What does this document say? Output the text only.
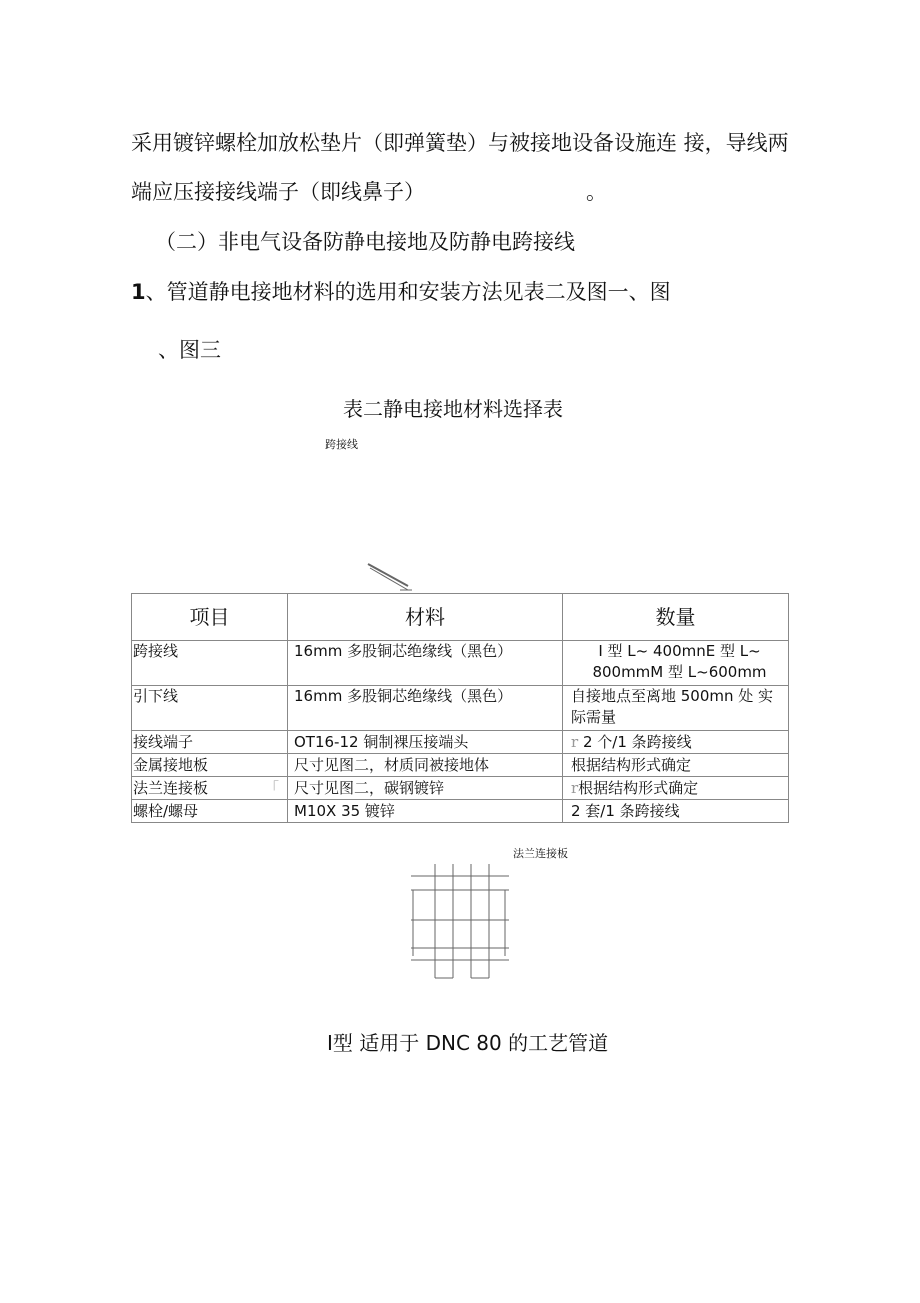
采用镀锌螺栓加放松垫片（即弹簧垫）与被接地设备设施连 接，导线两
端应压接接线端子（即线鼻子）	。
（二）非电气设备防静电接地及防静电跨接线
1、管道静电接地材料的选用和安装方法见表二及图一、图
、图三
表二静电接地材料选择表
跨接线
项目	材料	数量
跨接线	16mm 多股铜芯绝缘线（黑色）	I 型 L~ 400mnE 型 L~
800mmM 型 L~600mm

引下线	16mm 多股铜芯绝缘线（黑色）	自接地点至离地 500mn 处 实
际需量

接线端子	OT16-12 铜制裸压接端头	r 2 个/1 条跨接线
金属接地板	尺寸见图二，材质同被接地体	根据结构形式确定
法兰连接板 「	尺寸见图二，碳钢镀锌	r根据结构形式确定
螺栓/螺母	M10X 35 镀锌	2 套/1 条跨接线
法兰连接板
I型 适用于 DNC 80 的工艺管道
